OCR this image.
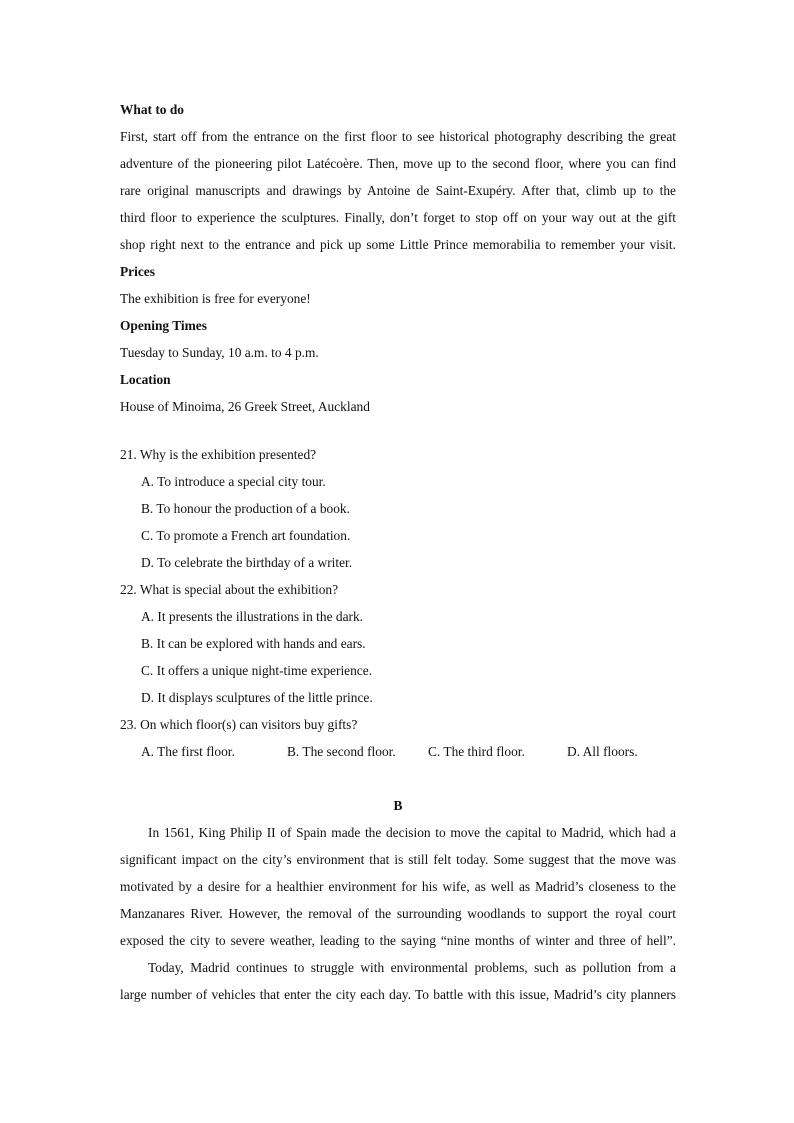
What to do
First, start off from the entrance on the first floor to see historical photography describing the great
adventure of the pioneering pilot Latécoère. Then, move up to the second floor, where you can find
rare original manuscripts and drawings by Antoine de Saint-Exupéry. After that, climb up to the
third floor to experience the sculptures. Finally, don’t forget to stop off on your way out at the gift
shop right next to the entrance and pick up some Little Prince memorabilia to remember your visit.
Prices
The exhibition is free for everyone!
Opening Times
Tuesday to Sunday, 10 a.m. to 4 p.m.
Location
House of Minoima, 26 Greek Street, Auckland
21. Why is the exhibition presented?
A. To introduce a special city tour.
B. To honour the production of a book.
C. To promote a French art foundation.
D. To celebrate the birthday of a writer.
22. What is special about the exhibition?
A. It presents the illustrations in the dark.
B. It can be explored with hands and ears.
C. It offers a unique night-time experience.
D. It displays sculptures of the little prince.
23. On which floor(s) can visitors buy gifts?
A. The first floor.	B. The second floor. C. The third floor.	D. All floors.
B
In 1561, King Philip II of Spain made the decision to move the capital to Madrid, which had a
significant impact on the city’s environment that is still felt today. Some suggest that the move was
motivated by a desire for a healthier environment for his wife, as well as Madrid’s closeness to the
Manzanares River. However, the removal of the surrounding woodlands to support the royal court
exposed the city to severe weather, leading to the saying “nine months of winter and three of hell”.
Today, Madrid continues to struggle with environmental problems, such as pollution from a
large number of vehicles that enter the city each day. To battle with this issue, Madrid’s city planners
